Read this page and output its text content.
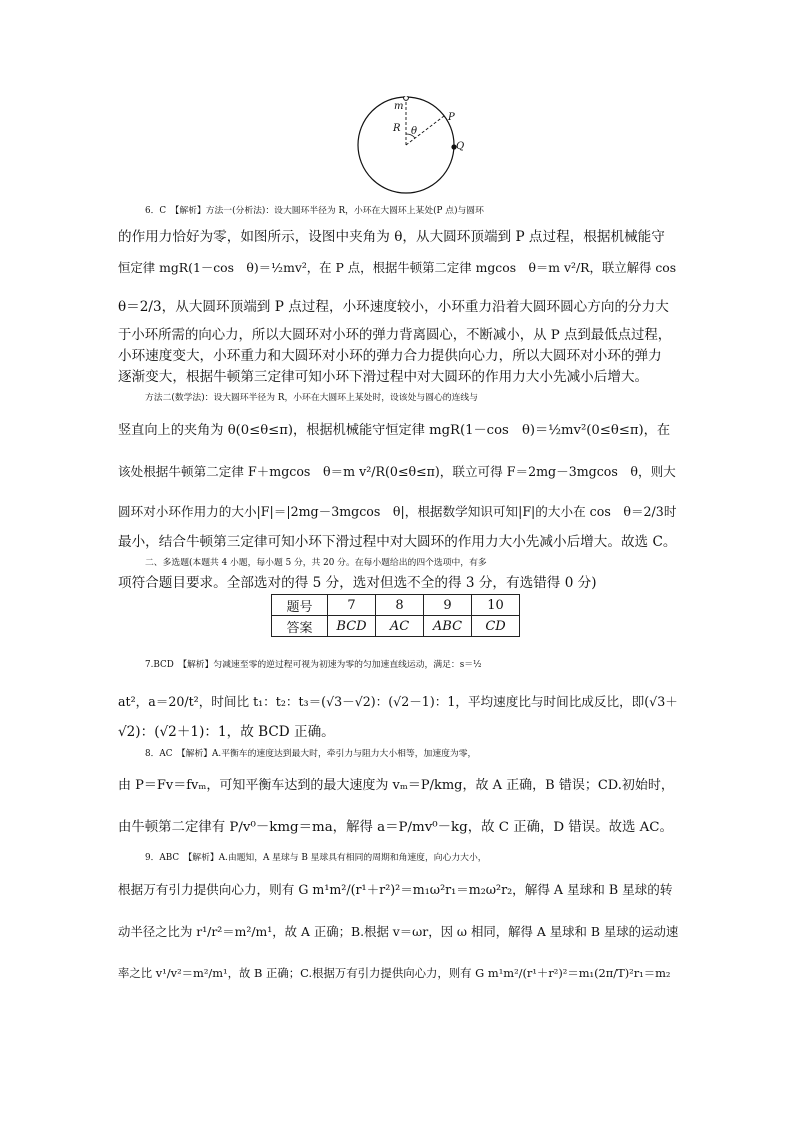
m
R θ
P
Q
6．C　【解析】方法一(分析法)：设大圆环半径为 R，小环在大圆环上某处(P 点)与圆环
的作用力恰好为零，如图所示，设图中夹角为 θ，从大圆环顶端到 P 点过程，根据机械能守
恒定律 mgR(1－cos　θ)＝½mv²，在 P 点，根据牛顿第二定律 mgcos　θ＝m v²/R，联立解得 cos
θ＝2/3，从大圆环顶端到 P 点过程，小环速度较小，小环重力沿着大圆环圆心方向的分力大
于小环所需的向心力，所以大圆环对小环的弹力背离圆心，不断减小，从 P 点到最低点过程，
小环速度变大，小环重力和大圆环对小环的弹力合力提供向心力，所以大圆环对小环的弹力
逐渐变大，根据牛顿第三定律可知小环下滑过程中对大圆环的作用力大小先减小后增大。
方法二(数学法)：设大圆环半径为 R，小环在大圆环上某处时，设该处与圆心的连线与
竖直向上的夹角为 θ(0≤θ≤π)，根据机械能守恒定律 mgR(1－cos　θ)＝½mv²(0≤θ≤π)，在
该处根据牛顿第二定律 F＋mgcos　θ＝m v²/R(0≤θ≤π)，联立可得 F＝2mg－3mgcos　θ，则大
圆环对小环作用力的大小|F|＝|2mg－3mgcos　θ|，根据数学知识可知|F|的大小在 cos　θ＝2/3时
最小，结合牛顿第三定律可知小环下滑过程中对大圆环的作用力大小先减小后增大。故选 C。
二、多选题(本题共 4 小题，每小题 5 分，共 20 分。在每小题给出的四个选项中，有多
项符合题目要求。全部选对的得 5 分，选对但选不全的得 3 分，有选错得 0 分)
题号	7	8	9	10
答案	BCD	AC	ABC	CD
7.BCD　【解析】匀减速至零的逆过程可视为初速为零的匀加速直线运动，满足：s＝½
at²，a＝20/t²，时间比 t₁：t₂：t₃＝(√3－√2)：(√2－1)：1，平均速度比与时间比成反比，即(√3＋
√2)：(√2＋1)：1，故 BCD 正确。
8．AC　【解析】A.平衡车的速度达到最大时，牵引力与阻力大小相等，加速度为零，
由 P＝Fv＝fvₘ，可知平衡车达到的最大速度为 vₘ＝P/kmg，故 A 正确，B 错误；CD.初始时，
由牛顿第二定律有 P/v⁰－kmg＝ma，解得 a＝P/mv⁰－kg，故 C 正确，D 错误。故选 AC。
9．ABC　【解析】A.由题知，A 星球与 B 星球具有相同的周期和角速度，向心力大小，
根据万有引力提供向心力，则有 G m¹m²/(r¹＋r²)²＝m₁ω²r₁＝m₂ω²r₂，解得 A 星球和 B 星球的转
动半径之比为 r¹/r²＝m²/m¹，故 A 正确；B.根据 v＝ωr，因 ω 相同，解得 A 星球和 B 星球的运动速
率之比 v¹/v²＝m²/m¹，故 B 正确；C.根据万有引力提供向心力，则有 G m¹m²/(r¹＋r²)²＝m₁(2π/T)²r₁＝m₂
